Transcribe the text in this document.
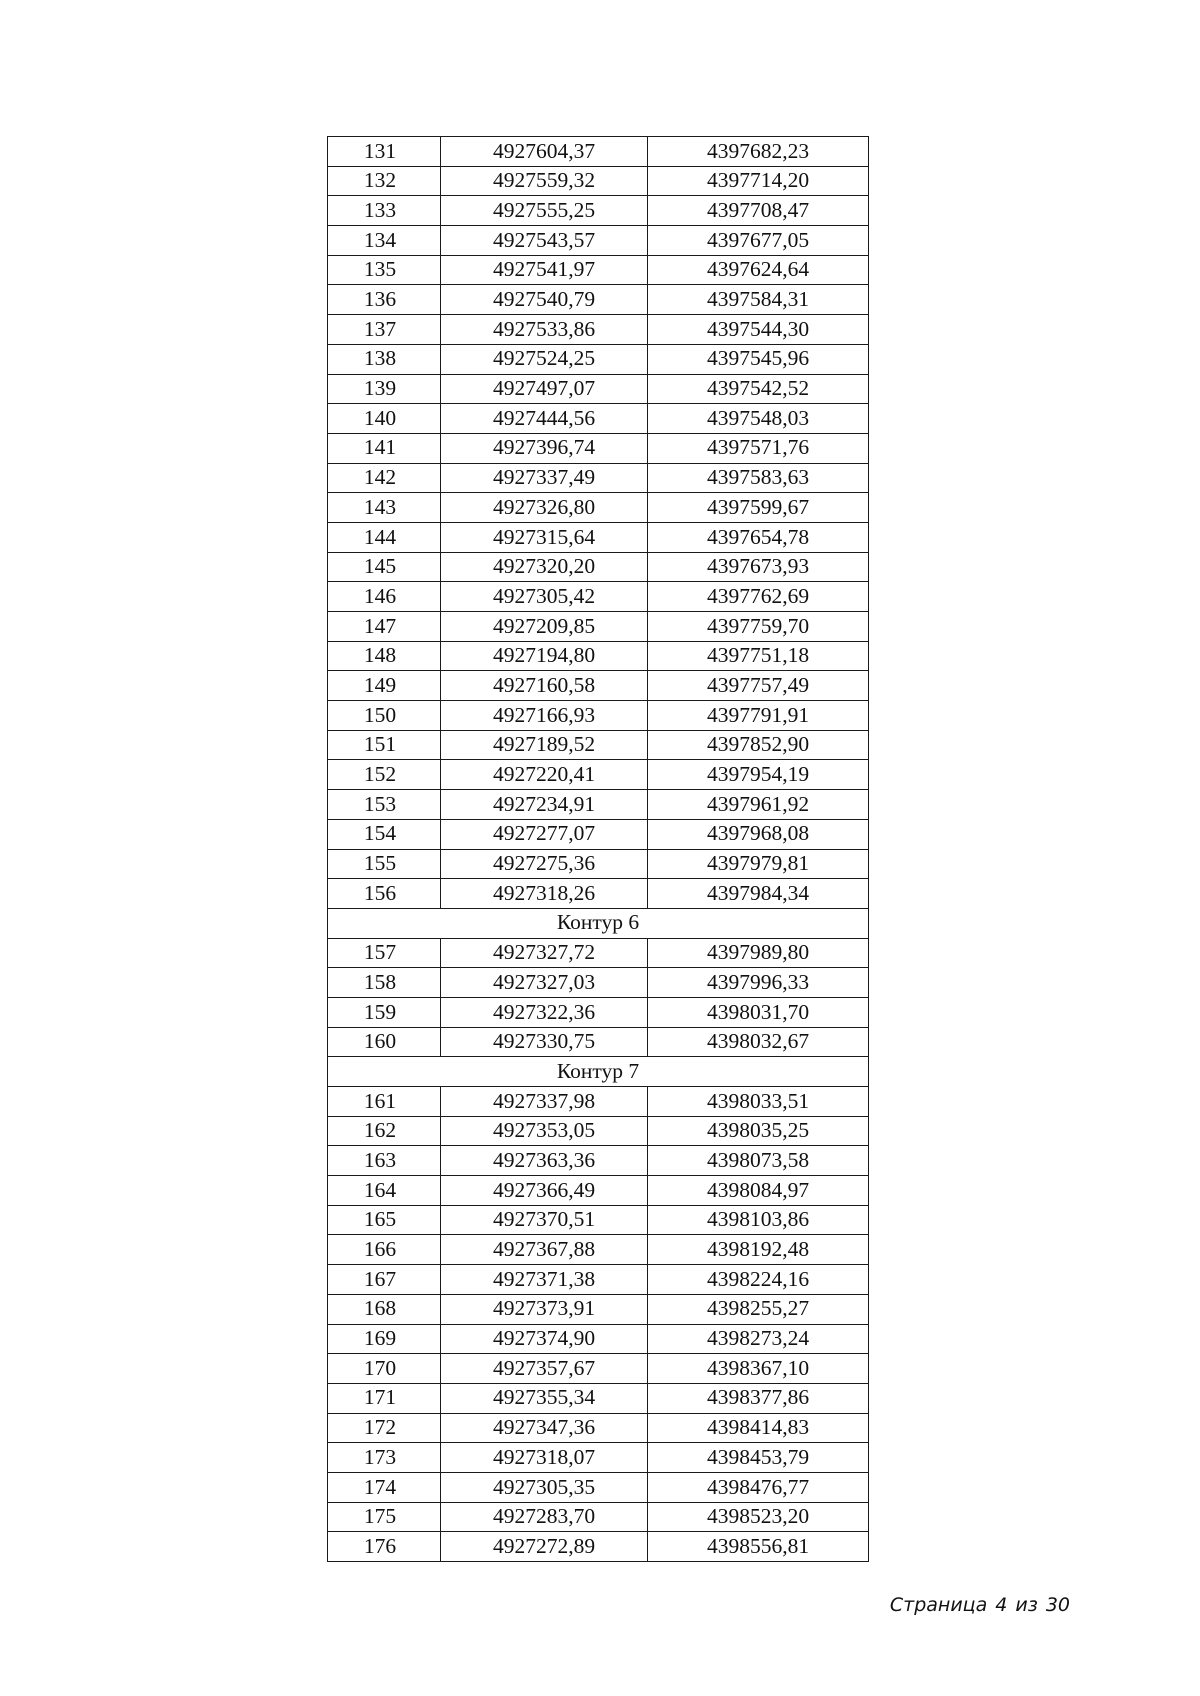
131	4927604,37	4397682,23
132	4927559,32	4397714,20
133	4927555,25	4397708,47
134	4927543,57	4397677,05
135	4927541,97	4397624,64
136	4927540,79	4397584,31
137	4927533,86	4397544,30
138	4927524,25	4397545,96
139	4927497,07	4397542,52
140	4927444,56	4397548,03
141	4927396,74	4397571,76
142	4927337,49	4397583,63
143	4927326,80	4397599,67
144	4927315,64	4397654,78
145	4927320,20	4397673,93
146	4927305,42	4397762,69
147	4927209,85	4397759,70
148	4927194,80	4397751,18
149	4927160,58	4397757,49
150	4927166,93	4397791,91
151	4927189,52	4397852,90
152	4927220,41	4397954,19
153	4927234,91	4397961,92
154	4927277,07	4397968,08
155	4927275,36	4397979,81
156	4927318,26	4397984,34
Контур 6		
157	4927327,72	4397989,80
158	4927327,03	4397996,33
159	4927322,36	4398031,70
160	4927330,75	4398032,67
Контур 7		
161	4927337,98	4398033,51
162	4927353,05	4398035,25
163	4927363,36	4398073,58
164	4927366,49	4398084,97
165	4927370,51	4398103,86
166	4927367,88	4398192,48
167	4927371,38	4398224,16
168	4927373,91	4398255,27
169	4927374,90	4398273,24
170	4927357,67	4398367,10
171	4927355,34	4398377,86
172	4927347,36	4398414,83
173	4927318,07	4398453,79
174	4927305,35	4398476,77
175	4927283,70	4398523,20
176	4927272,89	4398556,81
Страница 4 из 30
